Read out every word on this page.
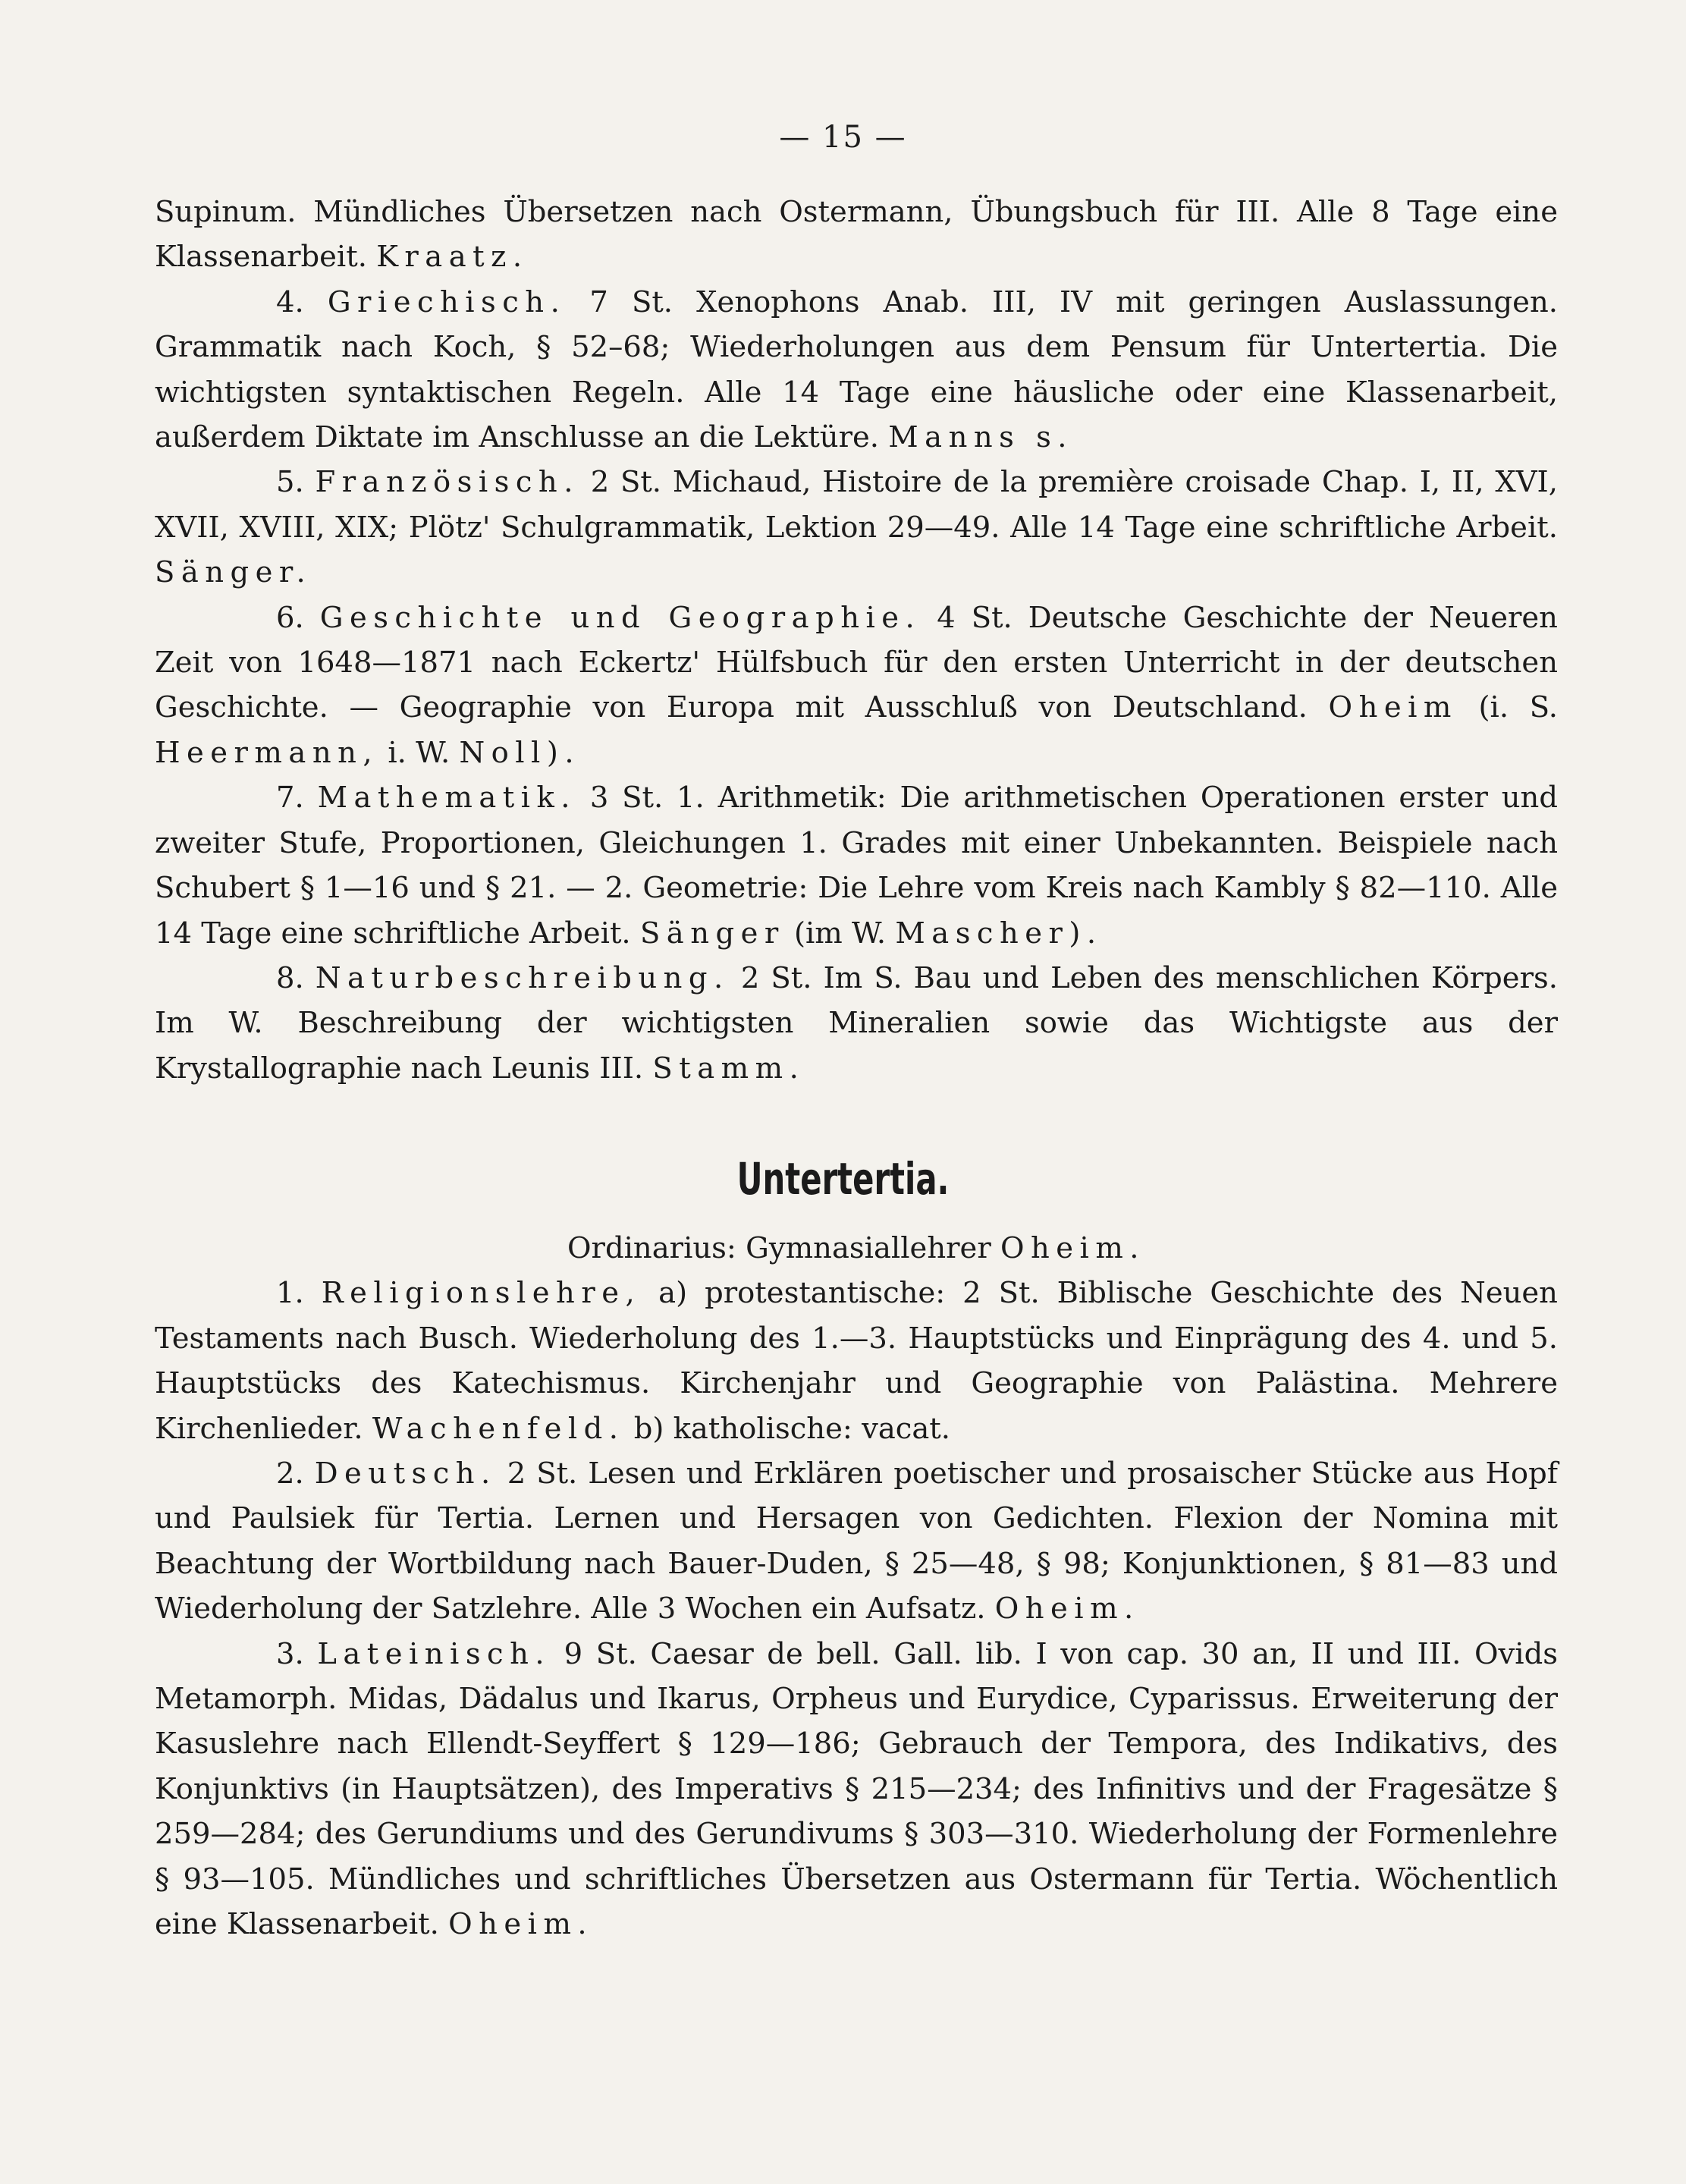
— 15 —

Supinum. Mündliches Übersetzen nach Ostermann, Übungsbuch für III. Alle 8 Tage eine Klassenarbeit. Kraatz.

4. Griechisch. 7 St. Xenophons Anab. III, IV mit geringen Auslassungen. Grammatik nach Koch, § 52–68; Wiederholungen aus dem Pensum für Untertertia. Die wichtigsten syntaktischen Regeln. Alle 14 Tage eine häusliche oder eine Klassenarbeit, außerdem Diktate im Anschlusse an die Lektüre. Manns s.

5. Französisch. 2 St. Michaud, Histoire de la première croisade Chap. I, II, XVI, XVII, XVIII, XIX; Plötz' Schulgrammatik, Lektion 29—49. Alle 14 Tage eine schriftliche Arbeit. Sänger.

6. Geschichte und Geographie. 4 St. Deutsche Geschichte der Neueren Zeit von 1648—1871 nach Eckertz' Hülfsbuch für den ersten Unterricht in der deutschen Geschichte. — Geographie von Europa mit Ausschluß von Deutschland. Oheim (i. S. Heermann, i. W. Noll).

7. Mathematik. 3 St. 1. Arithmetik: Die arithmetischen Operationen erster und zweiter Stufe, Proportionen, Gleichungen 1. Grades mit einer Unbekannten. Beispiele nach Schubert § 1—16 und § 21. — 2. Geometrie: Die Lehre vom Kreis nach Kambly § 82—110. Alle 14 Tage eine schriftliche Arbeit. Sänger (im W. Mascher).

8. Naturbeschreibung. 2 St. Im S. Bau und Leben des menschlichen Körpers. Im W. Beschreibung der wichtigsten Mineralien sowie das Wichtigste aus der Krystallographie nach Leunis III. Stamm.

Untertertia.

Ordinarius: Gymnasiallehrer Oheim.

1. Religionslehre, a) protestantische: 2 St. Biblische Geschichte des Neuen Testaments nach Busch. Wiederholung des 1.—3. Hauptstücks und Einprägung des 4. und 5. Hauptstücks des Katechismus. Kirchenjahr und Geographie von Palästina. Mehrere Kirchenlieder. Wachenfeld. b) katholische: vacat.

2. Deutsch. 2 St. Lesen und Erklären poetischer und prosaischer Stücke aus Hopf und Paulsiek für Tertia. Lernen und Hersagen von Gedichten. Flexion der Nomina mit Beachtung der Wortbildung nach Bauer-Duden, § 25—48, § 98; Konjunktionen, § 81—83 und Wiederholung der Satzlehre. Alle 3 Wochen ein Aufsatz. Oheim.

3. Lateinisch. 9 St. Caesar de bell. Gall. lib. I von cap. 30 an, II und III. Ovids Metamorph. Midas, Dädalus und Ikarus, Orpheus und Eurydice, Cyparissus. Erweiterung der Kasuslehre nach Ellendt-Seyffert § 129—186; Gebrauch der Tempora, des Indikativs, des Konjunktivs (in Hauptsätzen), des Imperativs § 215—234; des Infinitivs und der Fragesätze § 259—284; des Gerundiums und des Gerundivums § 303—310. Wiederholung der Formenlehre § 93—105. Mündliches und schriftliches Übersetzen aus Ostermann für Tertia. Wöchentlich eine Klassenarbeit. Oheim.
